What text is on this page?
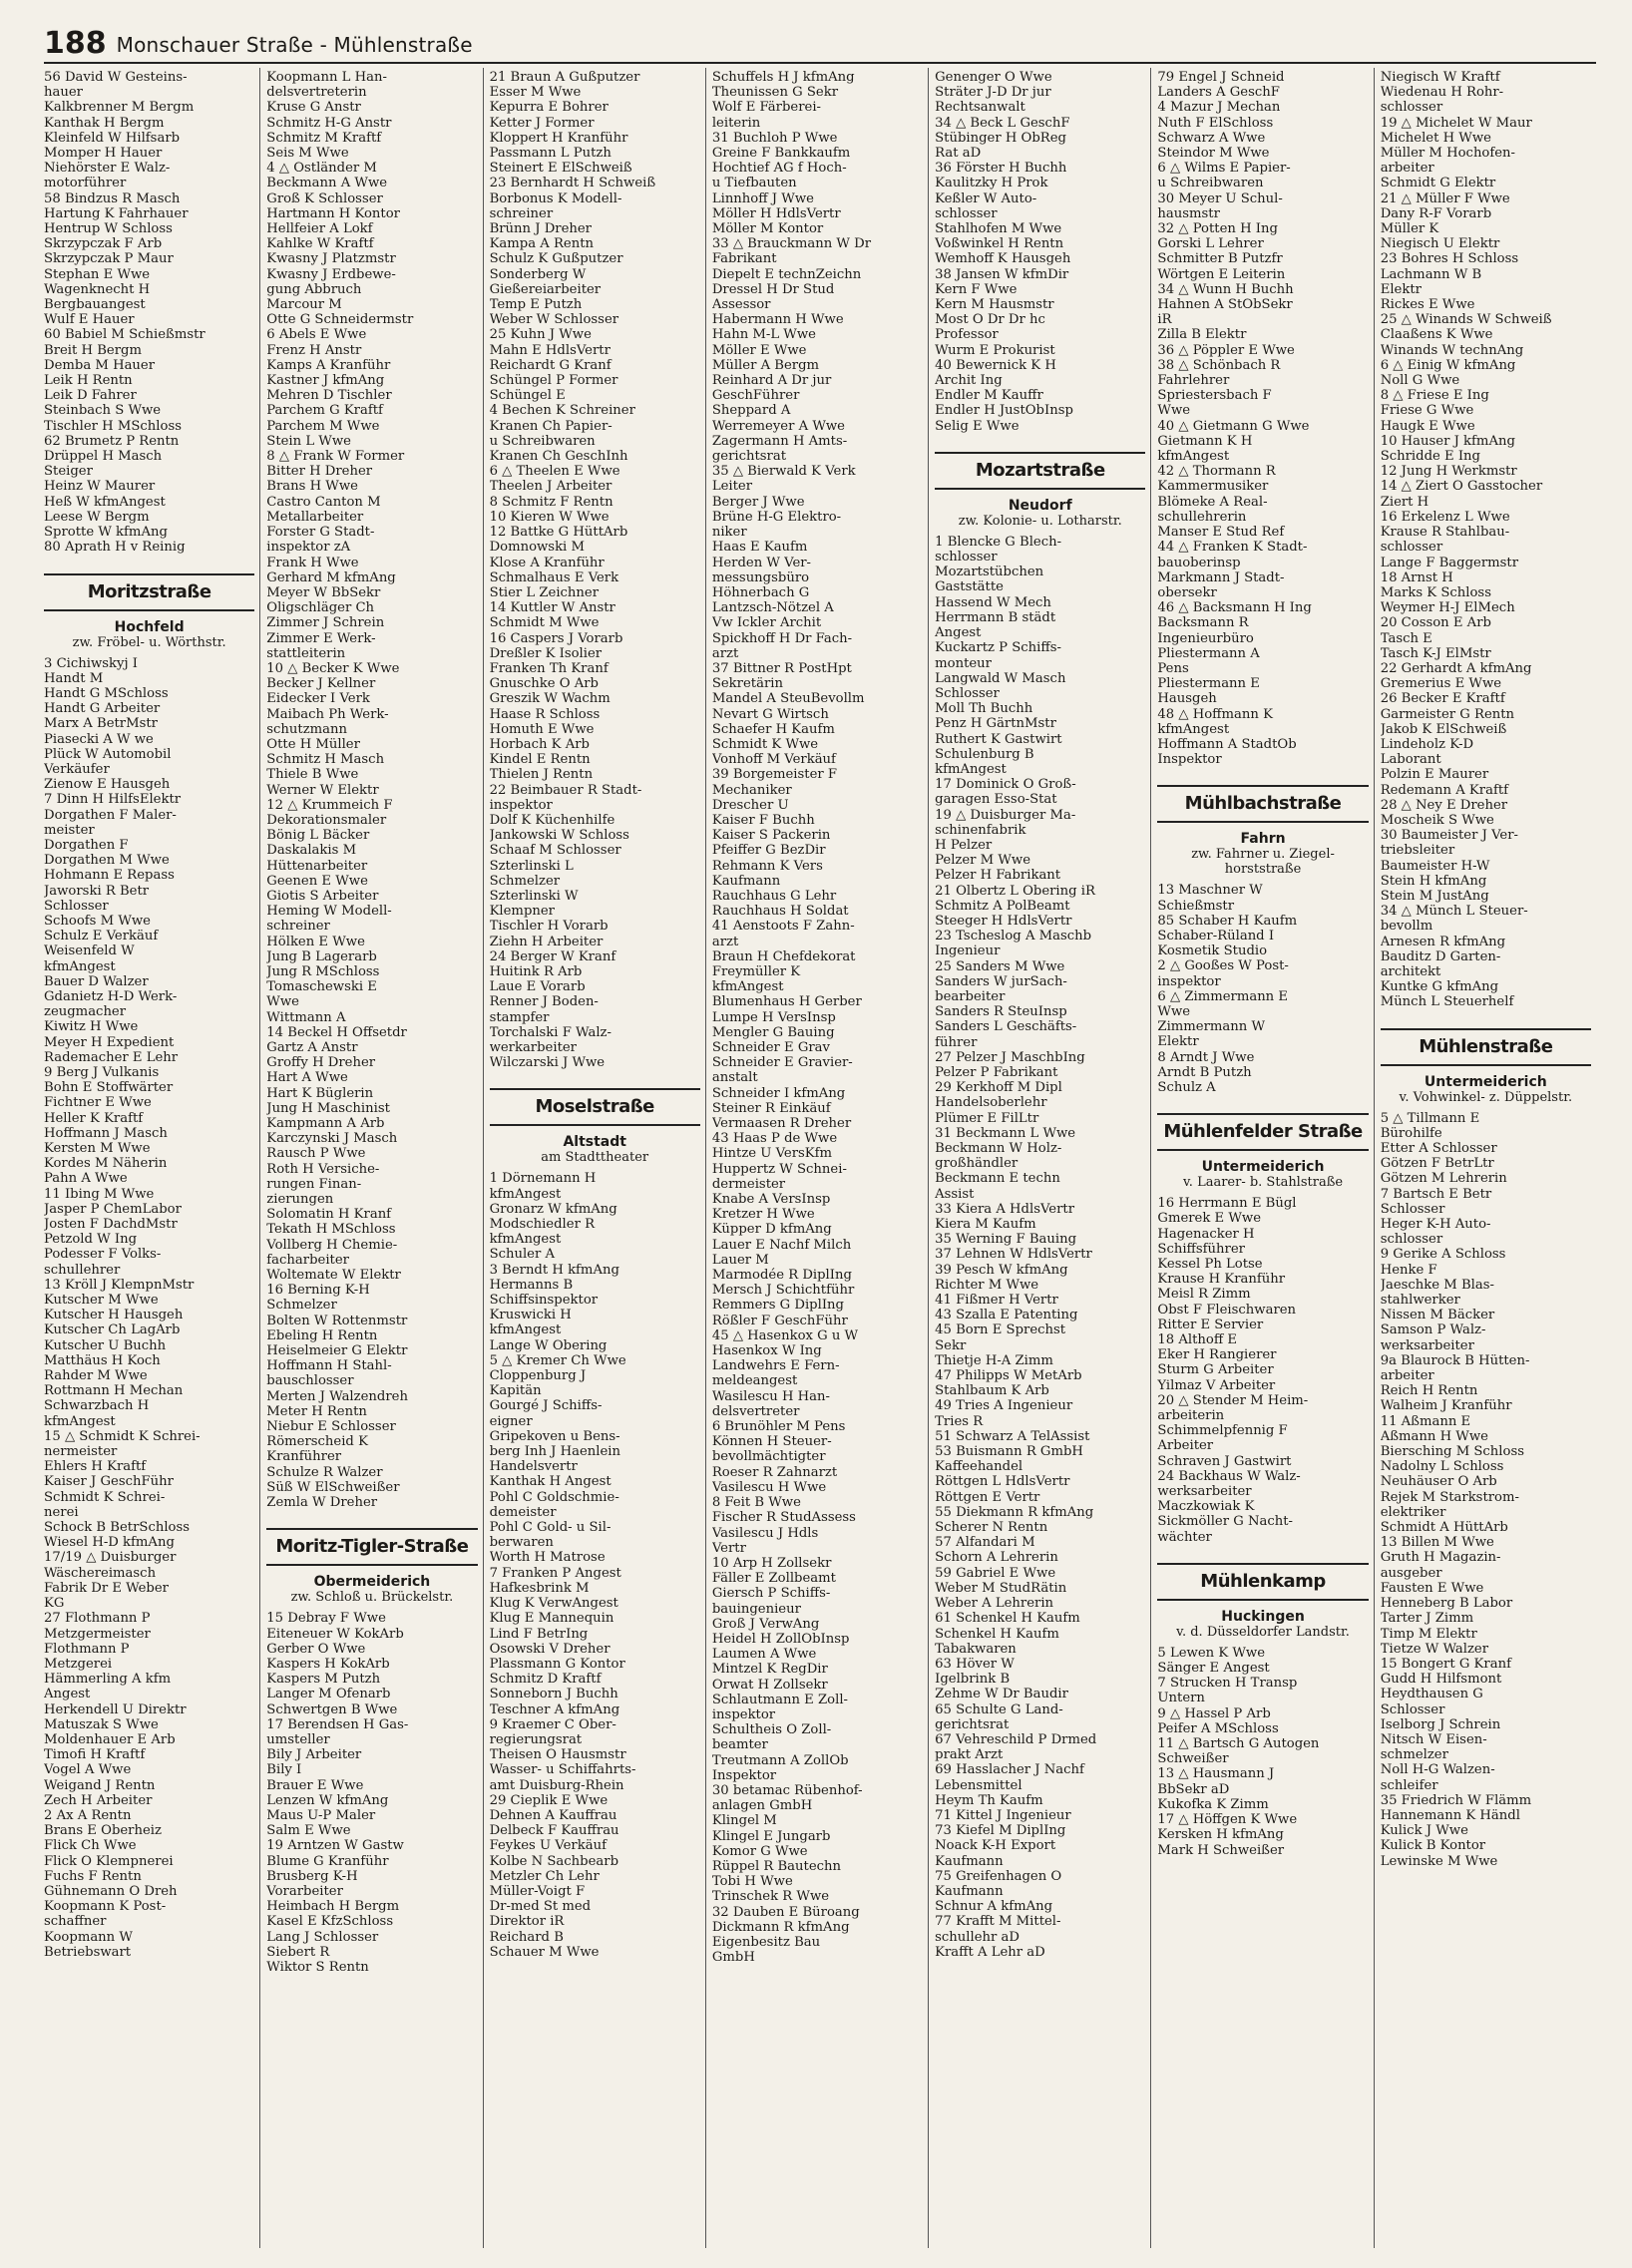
188 Monschauer Straße - Mühlenstraße
56 David W Gesteins-
hauer
Kalkbrenner M Bergm
Kanthak H Bergm
Kleinfeld W Hilfsarb
Momper H Hauer
Niehörster E Walz-
motorführer
58 Bindzus R Masch
Hartung K Fahrhauer
Hentrup W Schloss
Skrzypczak F Arb
Skrzypczak P Maur
Stephan E Wwe
Wagenknecht H
Bergbauangest
Wulf E Hauer
60 Babiel M Schießmstr
Breit H Bergm
Demba M Hauer
Leik H Rentn
Leik D Fahrer
Steinbach S Wwe
Tischler H MSchloss
62 Brumetz P Rentn
Drüppel H Masch
Steiger
Heinz W Maurer
Heß W kfmAngest
Leese W Bergm
Sprotte W kfmAng
80 Aprath H v Reinig
Moritzstraße
Hochfeld
zw. Fröbel- u. Wörthstr.
3 Cichiwskyj I
Handt M
Handt G MSchloss
Handt G Arbeiter
Marx A BetrMstr
Piasecki A W we
Plück W Automobil
Verkäufer
Zienow E Hausgeh
7 Dinn H HilfsElektr
Dorgathen F Maler-
meister
Dorgathen F
Dorgathen M Wwe
Hohmann E Repass
Jaworski R Betr
Schlosser
Schoofs M Wwe
Schulz E Verkäuf
Weisenfeld W
kfmAngest
Bauer D Walzer
Gdanietz H-D Werk-
zeugmacher
Kiwitz H Wwe
Meyer H Expedient
Rademacher E Lehr
9 Berg J Vulkanis
Bohn E Stoffwärter
Fichtner E Wwe
Heller K Kraftf
Hoffmann J Masch
Kersten M Wwe
Kordes M Näherin
Pahn A Wwe
11 Ibing M Wwe
Jasper P ChemLabor
Josten F DachdMstr
Petzold W Ing
Podesser F Volks-
schullehrer
13 Kröll J KlempnMstr
Kutscher M Wwe
Kutscher H Hausgeh
Kutscher Ch LagArb
Kutscher U Buchh
Matthäus H Koch
Rahder M Wwe
Rottmann H Mechan
Schwarzbach H
kfmAngest
15 △ Schmidt K Schrei-
nermeister
Ehlers H Kraftf
Kaiser J GeschFühr
Schmidt K Schrei-
nerei
Schock B BetrSchloss
Wiesel H-D kfmAng
17/19 △ Duisburger
Wäschereimasch
Fabrik Dr E Weber
KG
27 Flothmann P
Metzgermeister
Flothmann P
Metzgerei
Hämmerling A kfm
Angest
Herkendell U Direktr
Matuszak S Wwe
Moldenhauer E Arb
Timofi H Kraftf
Vogel A Wwe
Weigand J Rentn
Zech H Arbeiter
2 Ax A Rentn
Brans E Oberheiz
Flick Ch Wwe
Flick O Klempnerei
Fuchs F Rentn
Gühnemann O Dreh
Koopmann K Post-
schaffner
Koopmann W
Betriebswart
Koopmann L Han-
delsvertreterin
Kruse G Anstr
Schmitz H-G Anstr
Schmitz M Kraftf
Seis M Wwe
4 △ Ostländer M
Beckmann A Wwe
Groß K Schlosser
Hartmann H Kontor
Hellfeier A Lokf
Kahlke W Kraftf
Kwasny J Platzmstr
Kwasny J Erdbewe-
gung Abbruch
Marcour M
Otte G Schneidermstr
6 Abels E Wwe
Frenz H Anstr
Kamps A Kranführ
Kastner J kfmAng
Mehren D Tischler
Parchem G Kraftf
Parchem M Wwe
Stein L Wwe
8 △ Frank W Former
Bitter H Dreher
Brans H Wwe
Castro Canton M
Metallarbeiter
Forster G Stadt-
inspektor zA
Frank H Wwe
Gerhard M kfmAng
Meyer W BbSekr
Oligschläger Ch
Zimmer J Schrein
Zimmer E Werk-
stattleiterin
10 △ Becker K Wwe
Becker J Kellner
Eidecker I Verk
Maibach Ph Werk-
schutzmann
Otte H Müller
Schmitz H Masch
Thiele B Wwe
Werner W Elektr
12 △ Krummeich F
Dekorationsmaler
Bönig L Bäcker
Daskalakis M
Hüttenarbeiter
Geenen E Wwe
Giotis S Arbeiter
Heming W Modell-
schreiner
Hölken E Wwe
Jung B Lagerarb
Jung R MSchloss
Tomaschewski E
Wwe
Wittmann A
14 Beckel H Offsetdr
Gartz A Anstr
Groffy H Dreher
Hart A Wwe
Hart K Büglerin
Jung H Maschinist
Kampmann A Arb
Karczynski J Masch
Rausch P Wwe
Roth H Versiche-
rungen Finan-
zierungen
Solomatin H Kranf
Tekath H MSchloss
Vollberg H Chemie-
facharbeiter
Woltemate W Elektr
16 Berning K-H
Schmelzer
Bolten W Rottenmstr
Ebeling H Rentn
Heiselmeier G Elektr
Hoffmann H Stahl-
bauschlosser
Merten J Walzendreh
Meter H Rentn
Niebur E Schlosser
Römerscheid K
Kranführer
Schulze R Walzer
Süß W ElSchweißer
Zemla W Dreher
Moritz-Tigler-Straße
Obermeiderich
zw. Schloß u. Brückelstr.
15 Debray F Wwe
Eiteneuer W KokArb
Gerber O Wwe
Kaspers H KokArb
Kaspers M Putzh
Langer M Ofenarb
Schwertgen B Wwe
17 Berendsen H Gas-
umsteller
Bily J Arbeiter
Bily I
Brauer E Wwe
Lenzen W kfmAng
Maus U-P Maler
Salm E Wwe
19 Arntzen W Gastw
Blume G Kranführ
Brusberg K-H
Vorarbeiter
Heimbach H Bergm
Kasel E KfzSchloss
Lang J Schlosser
Siebert R
Wiktor S Rentn
21 Braun A Gußputzer
Esser M Wwe
Kepurra E Bohrer
Ketter J Former
Kloppert H Kranführ
Passmann L Putzh
Steinert E ElSchweiß
23 Bernhardt H Schweiß
Borbonus K Modell-
schreiner
Brünn J Dreher
Kampa A Rentn
Schulz K Gußputzer
Sonderberg W
Gießereiarbeiter
Temp E Putzh
Weber W Schlosser
25 Kuhn J Wwe
Mahn E HdlsVertr
Reichardt G Kranf
Schüngel P Former
Schüngel E
4 Bechen K Schreiner
Kranen Ch Papier-
u Schreibwaren
Kranen Ch GeschInh
6 △ Theelen E Wwe
Theelen J Arbeiter
8 Schmitz F Rentn
10 Kieren W Wwe
12 Battke G HüttArb
Domnowski M
Klose A Kranführ
Schmalhaus E Verk
Stier L Zeichner
14 Kuttler W Anstr
Schmidt M Wwe
16 Caspers J Vorarb
Dreßler K Isolier
Franken Th Kranf
Gnuschke O Arb
Greszik W Wachm
Haase R Schloss
Homuth E Wwe
Horbach K Arb
Kindel E Rentn
Thielen J Rentn
22 Beimbauer R Stadt-
inspektor
Dolf K Küchenhilfe
Jankowski W Schloss
Schaaf M Schlosser
Szterlinski L
Schmelzer
Szterlinski W
Klempner
Tischler H Vorarb
Ziehn H Arbeiter
24 Berger W Kranf
Huitink R Arb
Laue E Vorarb
Renner J Boden-
stampfer
Torchalski F Walz-
werkarbeiter
Wilczarski J Wwe
Moselstraße
Altstadt
am Stadttheater
1 Dörnemann H
kfmAngest
Gronarz W kfmAng
Modschiedler R
kfmAngest
Schuler A
3 Berndt H kfmAng
Hermanns B
Schiffsinspektor
Kruswicki H
kfmAngest
Lange W Obering
5 △ Kremer Ch Wwe
Cloppenburg J
Kapitän
Gourgé J Schiffs-
eigner
Gripekoven u Bens-
berg Inh J Haenlein
Handelsvertr
Kanthak H Angest
Pohl C Goldschmie-
demeister
Pohl C Gold- u Sil-
berwaren
Worth H Matrose
7 Franken P Angest
Hafkesbrink M
Klug K VerwAngest
Klug E Mannequin
Lind F BetrIng
Osowski V Dreher
Plassmann G Kontor
Schmitz D Kraftf
Sonneborn J Buchh
Teschner A kfmAng
9 Kraemer C Ober-
regierungsrat
Theisen O Hausmstr
Wasser- u Schiffahrts-
amt Duisburg-Rhein
29 Cieplik E Wwe
Dehnen A Kauffrau
Delbeck F Kauffrau
Feykes U Verkäuf
Kolbe N Sachbearb
Metzler Ch Lehr
Müller-Voigt F
Dr-med St med
Direktor iR
Reichard B
Schauer M Wwe
Schuffels H J kfmAng
Theunissen G Sekr
Wolf E Färberei-
leiterin
31 Buchloh P Wwe
Greine F Bankkaufm
Hochtief AG f Hoch-
u Tiefbauten
Linnhoff J Wwe
Möller H HdlsVertr
Möller M Kontor
33 △ Brauckmann W Dr
Fabrikant
Diepelt E technZeichn
Dressel H Dr Stud
Assessor
Habermann H Wwe
Hahn M-L Wwe
Möller E Wwe
Müller A Bergm
Reinhard A Dr jur
GeschFührer
Sheppard A
Werremeyer A Wwe
Zagermann H Amts-
gerichtsrat
35 △ Bierwald K Verk
Leiter
Berger J Wwe
Brüne H-G Elektro-
niker
Haas E Kaufm
Herden W Ver-
messungsbüro
Höhnerbach G
Lantzsch-Nötzel A
Vw Ickler Archit
Spickhoff H Dr Fach-
arzt
37 Bittner R PostHpt
Sekretärin
Mandel A SteuBevollm
Nevart G Wirtsch
Schaefer H Kaufm
Schmidt K Wwe
Vonhoff M Verkäuf
39 Borgemeister F
Mechaniker
Drescher U
Kaiser F Buchh
Kaiser S Packerin
Pfeiffer G BezDir
Rehmann K Vers
Kaufmann
Rauchhaus G Lehr
Rauchhaus H Soldat
41 Aenstoots F Zahn-
arzt
Braun H Chefdekorat
Freymüller K
kfmAngest
Blumenhaus H Gerber
Lumpe H VersInsp
Mengler G Bauing
Schneider E Grav
Schneider E Gravier-
anstalt
Schneider I kfmAng
Steiner R Einkäuf
Vermaasen R Dreher
43 Haas P de Wwe
Hintze U VersKfm
Huppertz W Schnei-
dermeister
Knabe A VersInsp
Kretzer H Wwe
Küpper D kfmAng
Lauer E Nachf Milch
Lauer M
Marmodée R DiplIng
Mersch J Schichtführ
Remmers G DiplIng
Rößler F GeschFühr
45 △ Hasenkox G u W
Hasenkox W Ing
Landwehrs E Fern-
meldeangest
Wasilescu H Han-
delsvertreter
6 Brunöhler M Pens
Können H Steuer-
bevollmächtigter
Roeser R Zahnarzt
Vasilescu H Wwe
8 Feit B Wwe
Fischer R StudAssess
Vasilescu J Hdls
Vertr
10 Arp H Zollsekr
Fäller E Zollbeamt
Giersch P Schiffs-
bauingenieur
Groß J VerwAng
Heidel H ZollObInsp
Laumen A Wwe
Mintzel K RegDir
Orwat H Zollsekr
Schlautmann E Zoll-
inspektor
Schultheis O Zoll-
beamter
Treutmann A ZollOb
Inspektor
30 betamac Rübenhof-
anlagen GmbH
Klingel M
Klingel E Jungarb
Komor G Wwe
Rüppel R Bautechn
Tobi H Wwe
Trinschek R Wwe
32 Dauben E Büroang
Dickmann R kfmAng
Eigenbesitz Bau
GmbH
Genenger O Wwe
Sträter J-D Dr jur
Rechtsanwalt
34 △ Beck L GeschF
Stübinger H ObReg
Rat aD
36 Förster H Buchh
Kaulitzky H Prok
Keßler W Auto-
schlosser
Stahlhofen M Wwe
Voßwinkel H Rentn
Wemhoff K Hausgeh
38 Jansen W kfmDir
Kern F Wwe
Kern M Hausmstr
Most O Dr Dr hc
Professor
Wurm E Prokurist
40 Bewernick K H
Archit Ing
Endler M Kauffr
Endler H JustObInsp
Selig E Wwe
Mozartstraße
Neudorf
zw. Kolonie- u. Lotharstr.
1 Blencke G Blech-
schlosser
Mozartstübchen
Gaststätte
Hassend W Mech
Herrmann B städt
Angest
Kuckartz P Schiffs-
monteur
Langwald W Masch
Schlosser
Moll Th Buchh
Penz H GärtnMstr
Ruthert K Gastwirt
Schulenburg B
kfmAngest
17 Dominick O Groß-
garagen Esso-Stat
19 △ Duisburger Ma-
schinenfabrik
H Pelzer
Pelzer M Wwe
Pelzer H Fabrikant
21 Olbertz L Obering iR
Schmitz A PolBeamt
Steeger H HdlsVertr
23 Tscheslog A Maschb
Ingenieur
25 Sanders M Wwe
Sanders W jurSach-
bearbeiter
Sanders R SteuInsp
Sanders L Geschäfts-
führer
27 Pelzer J MaschbIng
Pelzer P Fabrikant
29 Kerkhoff M Dipl
Handelsoberlehr
Plümer E FilLtr
31 Beckmann L Wwe
Beckmann W Holz-
großhändler
Beckmann E techn
Assist
33 Kiera A HdlsVertr
Kiera M Kaufm
35 Werning F Bauing
37 Lehnen W HdlsVertr
39 Pesch W kfmAng
Richter M Wwe
41 Fißmer H Vertr
43 Szalla E Patenting
45 Born E Sprechst
Sekr
Thietje H-A Zimm
47 Philipps W MetArb
Stahlbaum K Arb
49 Tries A Ingenieur
Tries R
51 Schwarz A TelAssist
53 Buismann R GmbH
Kaffeehandel
Röttgen L HdlsVertr
Röttgen E Vertr
55 Diekmann R kfmAng
Scherer N Rentn
57 Alfandari M
Schorn A Lehrerin
59 Gabriel E Wwe
Weber M StudRätin
Weber A Lehrerin
61 Schenkel H Kaufm
Schenkel H Kaufm
Tabakwaren
63 Höver W
Igelbrink B
Zehme W Dr Baudir
65 Schulte G Land-
gerichtsrat
67 Vehreschild P Drmed
prakt Arzt
69 Hasslacher J Nachf
Lebensmittel
Heym Th Kaufm
71 Kittel J Ingenieur
73 Kiefel M DiplIng
Noack K-H Export
Kaufmann
75 Greifenhagen O
Kaufmann
Schnur A kfmAng
77 Krafft M Mittel-
schullehr aD
Krafft A Lehr aD
79 Engel J Schneid
Landers A GeschF
4 Mazur J Mechan
Nuth F ElSchloss
Schwarz A Wwe
Steindor M Wwe
6 △ Wilms E Papier-
u Schreibwaren
30 Meyer U Schul-
hausmstr
32 △ Potten H Ing
Gorski L Lehrer
Schmitter B Putzfr
Wörtgen E Leiterin
34 △ Wunn H Buchh
Hahnen A StObSekr
iR
Zilla B Elektr
36 △ Pöppler E Wwe
38 △ Schönbach R
Fahrlehrer
Spriestersbach F
Wwe
40 △ Gietmann G Wwe
Gietmann K H
kfmAngest
42 △ Thormann R
Kammermusiker
Blömeke A Real-
schullehrerin
Manser E Stud Ref
44 △ Franken K Stadt-
bauoberinsp
Markmann J Stadt-
obersekr
46 △ Backsmann H Ing
Backsmann R
Ingenieurbüro
Pliestermann A
Pens
Pliestermann E
Hausgeh
48 △ Hoffmann K
kfmAngest
Hoffmann A StadtOb
Inspektor
Mühlbachstraße
Fahrn
zw. Fahrner u. Ziegel-horststraße
13 Maschner W
Schießmstr
85 Schaber H Kaufm
Schaber-Rüland I
Kosmetik Studio
2 △ Gooßes W Post-
inspektor
6 △ Zimmermann E
Wwe
Zimmermann W
Elektr
8 Arndt J Wwe
Arndt B Putzh
Schulz A
Mühlenfelder Straße
Untermeiderich
v. Laarer- b. Stahlstraße
16 Herrmann E Bügl
Gmerek E Wwe
Hagenacker H
Schiffsführer
Kessel Ph Lotse
Krause H Kranführ
Meisl R Zimm
Obst F Fleischwaren
Ritter E Servier
18 Althoff E
Eker H Rangierer
Sturm G Arbeiter
Yilmaz V Arbeiter
20 △ Stender M Heim-
arbeiterin
Schimmelpfennig F
Arbeiter
Schraven J Gastwirt
24 Backhaus W Walz-
werksarbeiter
Maczkowiak K
Sickmöller G Nacht-
wächter
Mühlenkamp
Huckingen
v. d. Düsseldorfer Landstr.
5 Lewen K Wwe
Sänger E Angest
7 Strucken H Transp
Untern
9 △ Hassel P Arb
Peifer A MSchloss
11 △ Bartsch G Autogen
Schweißer
13 △ Hausmann J
BbSekr aD
Kukofka K Zimm
17 △ Höffgen K Wwe
Kersken H kfmAng
Mark H Schweißer
Niegisch W Kraftf
Wiedenau H Rohr-
schlosser
19 △ Michelet W Maur
Michelet H Wwe
Müller M Hochofen-
arbeiter
Schmidt G Elektr
21 △ Müller F Wwe
Dany R-F Vorarb
Müller K
Niegisch U Elektr
23 Bohres H Schloss
Lachmann W B
Elektr
Rickes E Wwe
25 △ Winands W Schweiß
Claaßens K Wwe
Winands W technAng
6 △ Einig W kfmAng
Noll G Wwe
8 △ Friese E Ing
Friese G Wwe
Haugk E Wwe
10 Hauser J kfmAng
Schridde E Ing
12 Jung H Werkmstr
14 △ Ziert O Gasstocher
Ziert H
16 Erkelenz L Wwe
Krause R Stahlbau-
schlosser
Lange F Baggermstr
18 Arnst H
Marks K Schloss
Weymer H-J ElMech
20 Cosson E Arb
Tasch E
Tasch K-J ElMstr
22 Gerhardt A kfmAng
Gremerius E Wwe
26 Becker E Kraftf
Garmeister G Rentn
Jakob K ElSchweiß
Lindeholz K-D
Laborant
Polzin E Maurer
Redemann A Kraftf
28 △ Ney E Dreher
Moscheik S Wwe
30 Baumeister J Ver-
triebsleiter
Baumeister H-W
Stein H kfmAng
Stein M JustAng
34 △ Münch L Steuer-
bevollm
Arnesen R kfmAng
Bauditz D Garten-
architekt
Kuntke G kfmAng
Münch L Steuerhelf
Mühlenstraße
Untermeiderich
v. Vohwinkel- z. Düppelstr.
5 △ Tillmann E
Bürohilfe
Etter A Schlosser
Götzen F BetrLtr
Götzen M Lehrerin
7 Bartsch E Betr
Schlosser
Heger K-H Auto-
schlosser
9 Gerike A Schloss
Henke F
Jaeschke M Blas-
stahlwerker
Nissen M Bäcker
Samson P Walz-
werksarbeiter
9a Blaurock B Hütten-
arbeiter
Reich H Rentn
Walheim J Kranführ
11 Aßmann E
Aßmann H Wwe
Biersching M Schloss
Nadolny L Schloss
Neuhäuser O Arb
Rejek M Starkstrom-
elektriker
Schmidt A HüttArb
13 Billen M Wwe
Gruth H Magazin-
ausgeber
Fausten E Wwe
Henneberg B Labor
Tarter J Zimm
Timp M Elektr
Tietze W Walzer
15 Bongert G Kranf
Gudd H Hilfsmont
Heydthausen G
Schlosser
Iselborg J Schrein
Nitsch W Eisen-
schmelzer
Noll H-G Walzen-
schleifer
35 Friedrich W Flämm
Hannemann K Händl
Kulick J Wwe
Kulick B Kontor
Lewinske M Wwe
